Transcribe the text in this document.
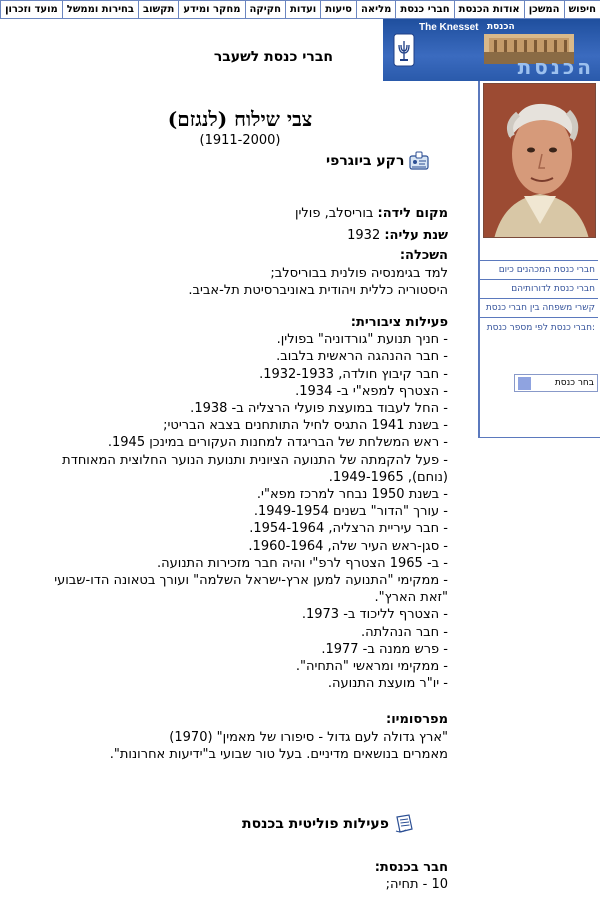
חיפוש
המשכן
אודות הכנסת
חברי כנסת
מליאה
סיעות
ועדות
חקיקה
מחקר ומידע
תקשוב
בחירות וממשל
מועד וזכרון
The Knesset הכנסת
הכנסת
חברי כנסת המכהנים כיום
חברי כנסת לדורותיהם
קשרי משפחה בין חברי כנסת
חברי כנסת לפי מספר כנסת:
בחר כנסת
חברי כנסת לשעבר
צבי שילוח (לנגזם)
(1911-2000)
רקע ביוגרפי
מקום לידה: בוריסלב, פולין
שנת עליה: 1932
השכלה:
למד בגימנסיה פולנית בבוריסלב;
היסטוריה כללית ויהודית באוניברסיטת תל-אביב.
פעילות ציבורית:
- חניך תנועת "גורדוניה" בפולין.
- חבר ההנהגה הראשית בלבוב.
- חבר קיבוץ חולדה, 1932-1933.
- הצטרף למפא"י ב- 1934.
- החל לעבוד במועצת פועלי הרצליה ב- 1938.
- בשנת 1941 התגיס לחיל התותחנים בצבא הבריטי;
- ראש המשלחת של הבריגדה למחנות העקורים במינכן 1945.
- פעל להקמתה של התנועה הציונית ותנועת הנוער החלוצית המאוחדת
(נוחם), 1949-1965.
- בשנת 1950 נבחר למרכז מפא"י.
- עורך "הדור" בשנים 1949-1954.
- חבר עיריית הרצליה, 1954-1964.
- סגן-ראש העיר שלה, 1960-1964.
- ב- 1965 הצטרף לרפ"י והיה חבר מזכירות התנועה.
- ממקימי "התנועה למען ארץ-ישראל השלמה" ועורך בטאונה הדו-שבועי
"זאת הארץ".
- הצטרף לליכוד ב- 1973.
- חבר הנהלתה.
- פרש ממנה ב- 1977.
- ממקימי ומראשי "התחיה".
- יו"ר מועצת התנועה.
מפרסומיו:
"ארץ גדולה לעם גדול - סיפורו של מאמין" (1970)
מאמרים בנושאים מדיניים. בעל טור שבועי ב"ידיעות אחרונות".
פעילות פוליטית בכנסת
חבר בכנסת:
10 - תחיה;
